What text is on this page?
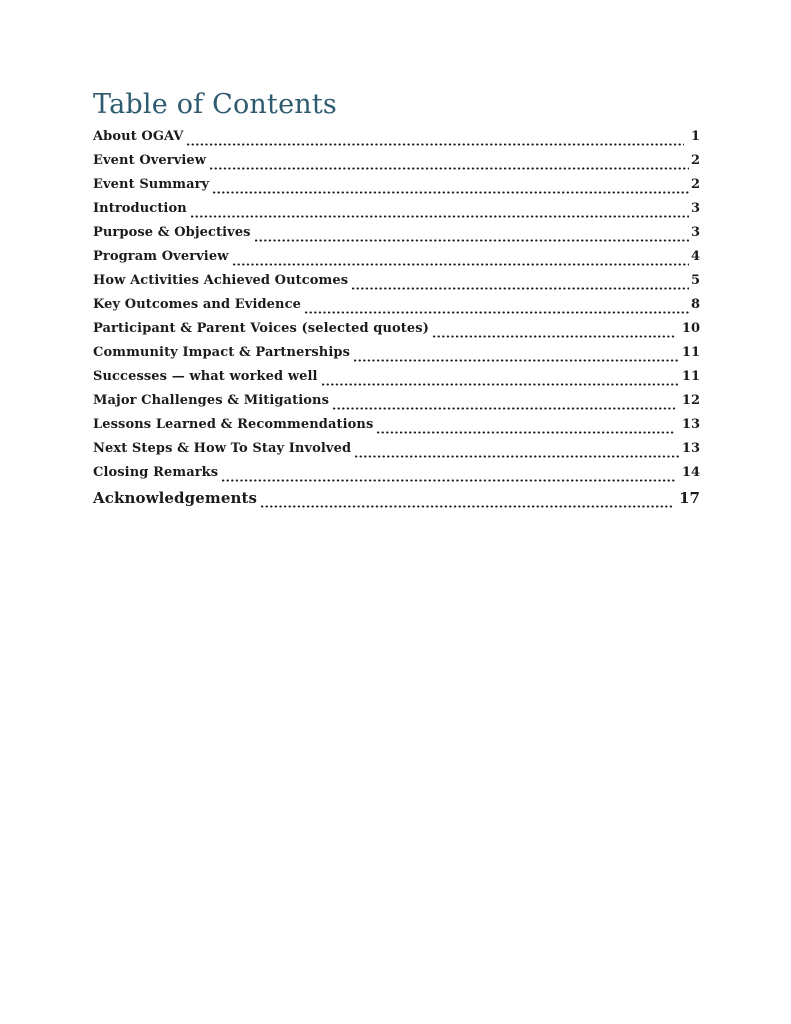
Table of Contents
About OGAV	1
Event Overview	2
Event Summary	2
Introduction	3
Purpose & Objectives	3
Program Overview	4
How Activities Achieved Outcomes	5
Key Outcomes and Evidence	8
Participant & Parent Voices (selected quotes)	10
Community Impact & Partnerships	11
Successes — what worked well	11
Major Challenges & Mitigations	12
Lessons Learned & Recommendations	13
Next Steps & How To Stay Involved	13
Closing Remarks	14
Acknowledgements	17
